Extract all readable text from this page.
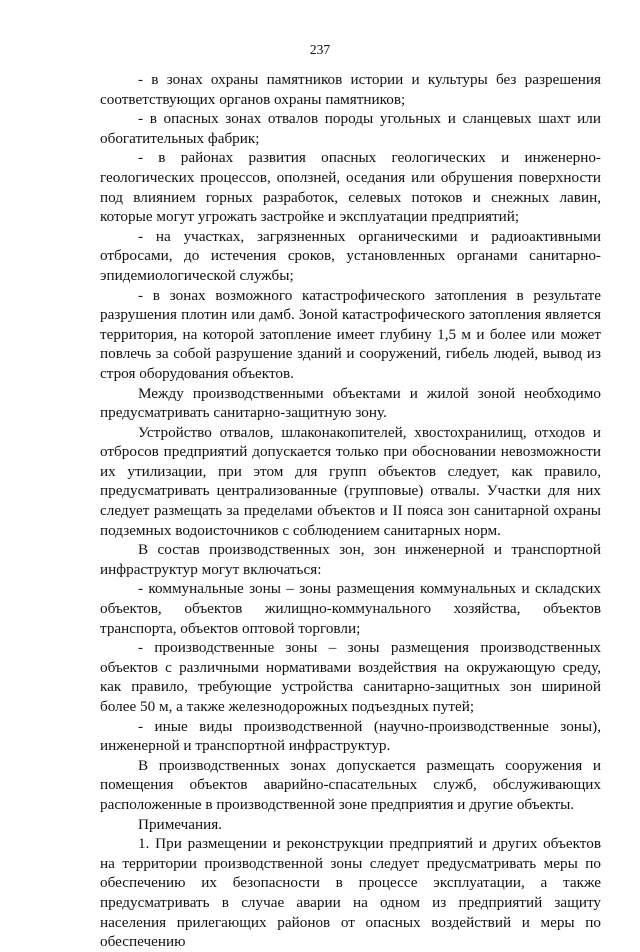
237

- в зонах охраны памятников истории и культуры без разрешения соответствующих органов охраны памятников;

- в опасных зонах отвалов породы угольных и сланцевых шахт или обогатительных фабрик;

- в районах развития опасных геологических и инженерно-геологических процессов, оползней, оседания или обрушения поверхности под влиянием горных разработок, селевых потоков и снежных лавин, которые могут угрожать застройке и эксплуатации предприятий;

- на участках, загрязненных органическими и радиоактивными отбросами, до истечения сроков, установленных органами санитарно-эпидемиологической службы;

- в зонах возможного катастрофического затопления в результате разрушения плотин или дамб. Зоной катастрофического затопления является территория, на которой затопление имеет глубину 1,5 м и более или может повлечь за собой разрушение зданий и сооружений, гибель людей, вывод из строя оборудования объектов.

Между производственными объектами и жилой зоной необходимо предусматривать санитарно-защитную зону.

Устройство отвалов, шлаконакопителей, хвостохранилищ, отходов и отбросов предприятий допускается только при обосновании невозможности их утилизации, при этом для групп объектов следует, как правило, предусматривать централизованные (групповые) отвалы. Участки для них следует размещать за пределами объектов и II пояса зон санитарной охраны подземных водоисточников с соблюдением санитарных норм.

В состав производственных зон, зон инженерной и транспортной инфраструктур могут включаться:

- коммунальные зоны – зоны размещения коммунальных и складских объектов, объектов жилищно-коммунального хозяйства, объектов транспорта, объектов оптовой торговли;

- производственные зоны – зоны размещения производственных объектов с различными нормативами воздействия на окружающую среду, как правило, требующие устройства санитарно-защитных зон шириной более 50 м, а также железнодорожных подъездных путей;

- иные виды производственной (научно-производственные зоны), инженерной и транспортной инфраструктур.

В производственных зонах допускается размещать сооружения и помещения объектов аварийно-спасательных служб, обслуживающих расположенные в производственной зоне предприятия и другие объекты.

Примечания.

1. При размещении и реконструкции предприятий и других объектов на территории производственной зоны следует предусматривать меры по обеспечению их безопасности в процессе эксплуатации, а также предусматривать в случае аварии на одном из предприятий защиту населения прилегающих районов от опасных воздействий и меры по обеспечению
